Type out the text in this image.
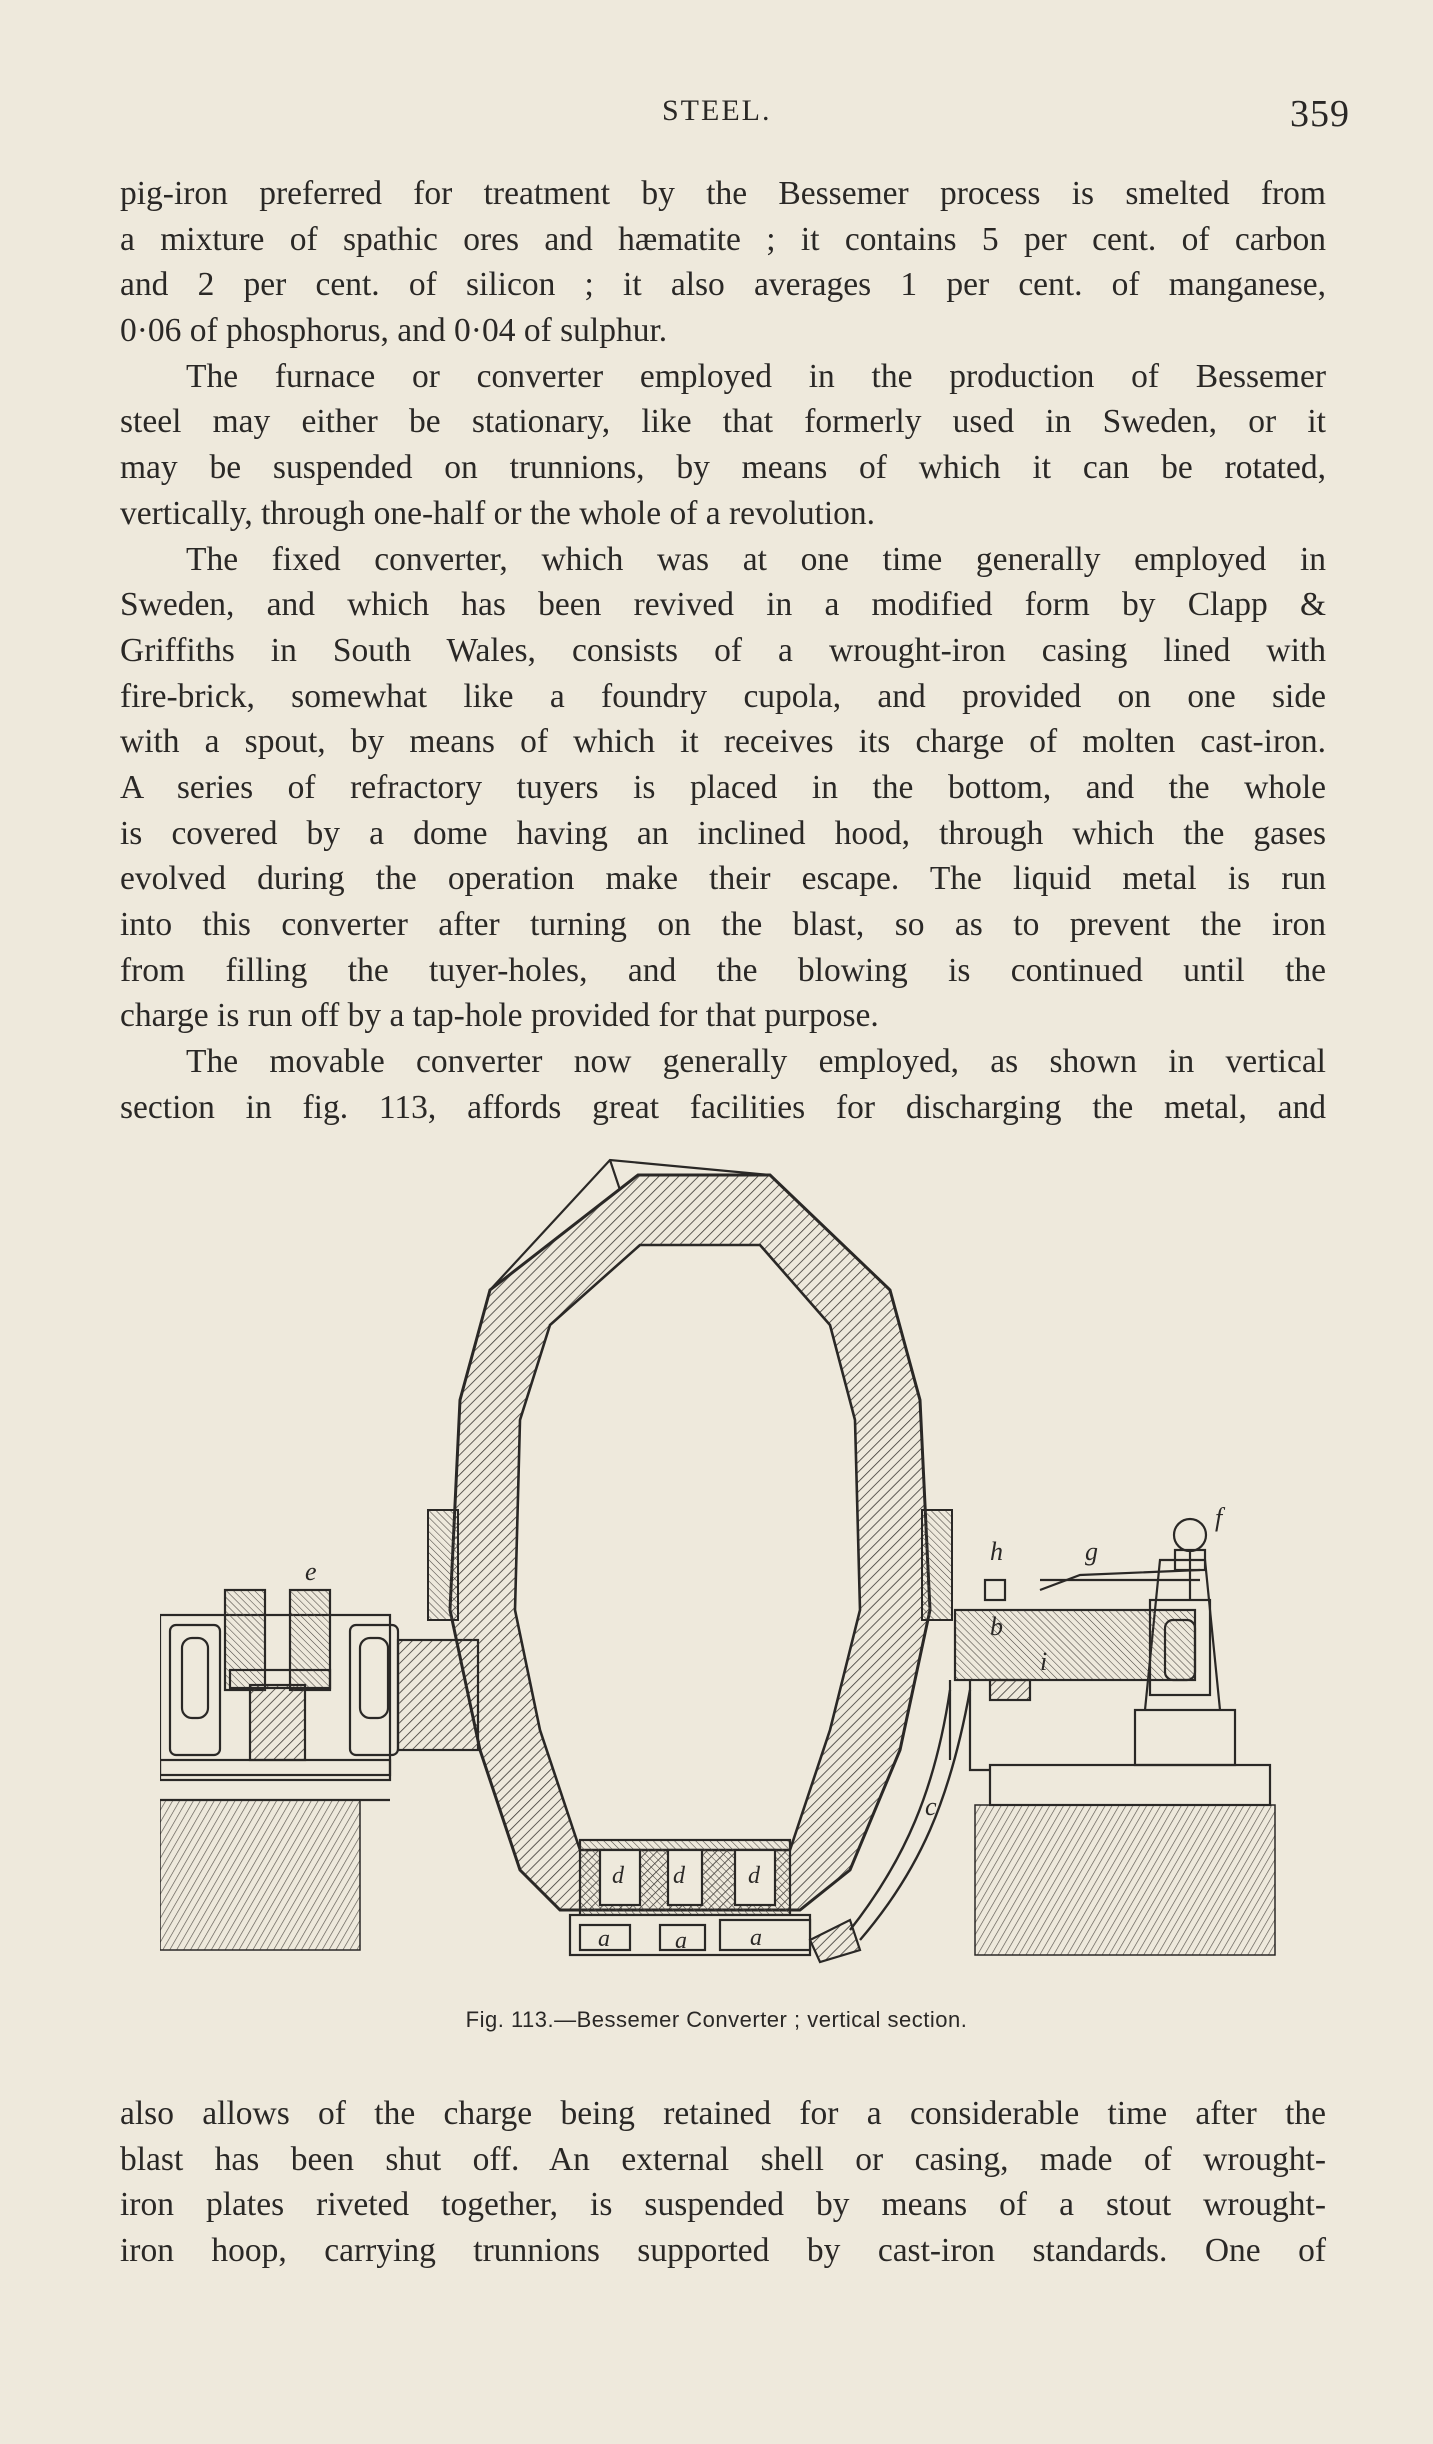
STEEL.	359
pig-iron preferred for treatment by the Bessemer process is smelted from
a mixture of spathic ores and hæmatite ; it contains 5 per cent. of carbon
and 2 per cent. of silicon ; it also averages 1 per cent. of manganese,
0·06 of phosphorus, and 0·04 of sulphur.
The furnace or converter employed in the production of Bessemer
steel may either be stationary, like that formerly used in Sweden, or it
may be suspended on trunnions, by means of which it can be rotated,
vertically, through one-half or the whole of a revolution.
The fixed converter, which was at one time generally employed in
Sweden, and which has been revived in a modified form by Clapp &
Griffiths in South Wales, consists of a wrought-iron casing lined with
fire-brick, somewhat like a foundry cupola, and provided on one side
with a spout, by means of which it receives its charge of molten cast-iron.
A series of refractory tuyers is placed in the bottom, and the whole
is covered by a dome having an inclined hood, through which the gases
evolved during the operation make their escape. The liquid metal is run
into this converter after turning on the blast, so as to prevent the iron
from filling the tuyer-holes, and the blowing is continued until the
charge is run off by a tap-hole provided for that purpose.
The movable converter now generally employed, as shown in vertical
section in fig. 113, affords great facilities for discharging the metal, and
e
f
g
h
b
i
c
d d	d
a	a	a
Fig. 113.—Bessemer Converter ; vertical section.
also allows of the charge being retained for a considerable time after the
blast has been shut off. An external shell or casing, made of wrought-
iron plates riveted together, is suspended by means of a stout wrought-
iron hoop, carrying trunnions supported by cast-iron standards. One of
